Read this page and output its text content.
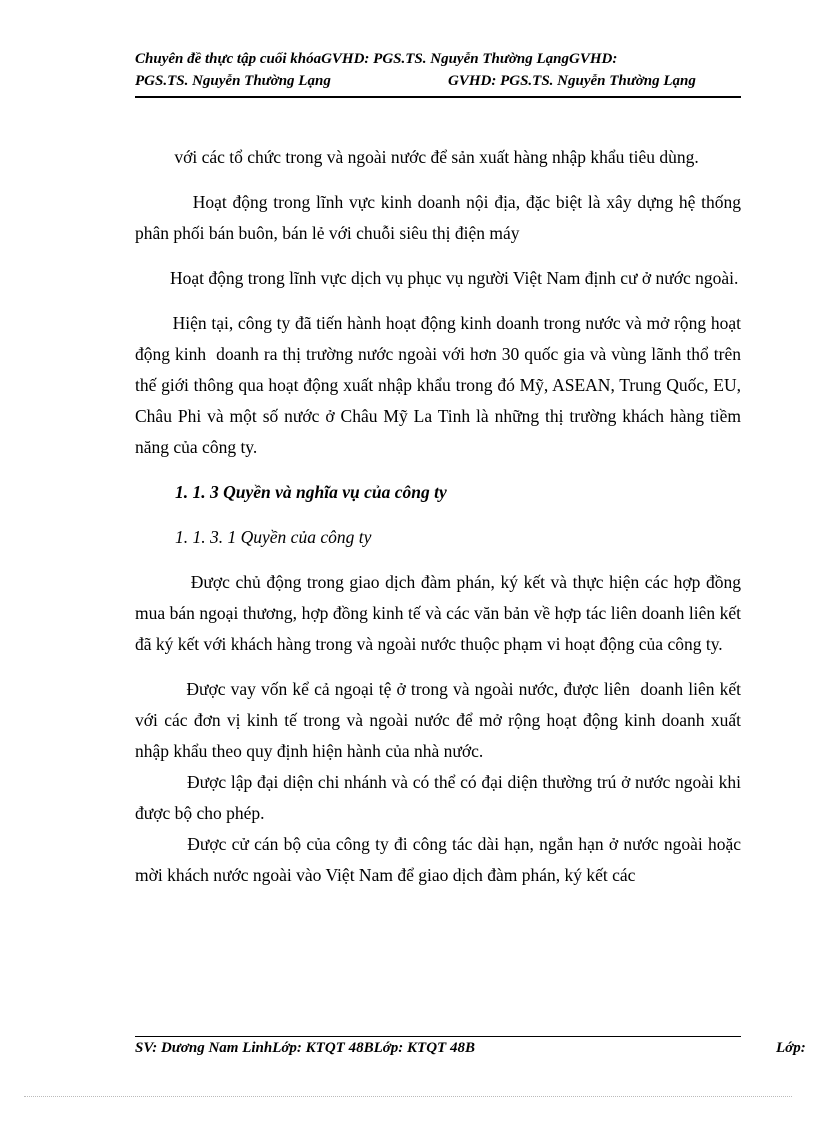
Chuyên đề thực tập cuối khóaGVHD: PGS.TS. Nguyễn Thường LạngGVHD:
PGS.TS. Nguyễn Thường Lạng	GVHD: PGS.TS. Nguyễn Thường Lạng

với các tổ chức trong và ngoài nước để sản xuất hàng nhập khẩu tiêu dùng.

Hoạt động trong lĩnh vực kinh doanh nội địa, đặc biệt là xây dựng hệ thống phân phối bán buôn, bán lẻ với chuỗi siêu thị điện máy

Hoạt động trong lĩnh vực dịch vụ phục vụ người Việt Nam định cư ở nước ngoài.

Hiện tại, công ty đã tiến hành hoạt động kinh doanh trong nước và mở rộng hoạt động kinh  doanh ra thị trường nước ngoài với hơn 30 quốc gia và vùng lãnh thổ trên thế giới thông qua hoạt động xuất nhập khẩu trong đó Mỹ, ASEAN, Trung Quốc, EU, Châu Phi và một số nước ở Châu Mỹ La Tinh là những thị trường khách hàng tiềm năng của công ty.

1. 1. 3 Quyền và nghĩa vụ của công ty
1. 1. 3. 1 Quyền của công ty

Được chủ động trong giao dịch đàm phán, ký kết và thực hiện các hợp đồng mua bán ngoại thương, hợp đồng kinh tế và các văn bản về hợp tác liên doanh liên kết đã ký kết với khách hàng trong và ngoài nước thuộc phạm vi hoạt động của công ty.

Được vay vốn kể cả ngoại tệ ở trong và ngoài nước, được liên  doanh liên kết với các đơn vị kinh tế trong và ngoài nước để mở rộng hoạt động kinh doanh xuất nhập khẩu theo quy định hiện hành của nhà nước.

Được lập đại diện chi nhánh và có thể có đại diện thường trú ở nước ngoài khi  được bộ cho phép.

Được cử cán bộ của công ty đi công tác dài hạn, ngắn hạn ở nước ngoài hoặc mời khách nước ngoài vào Việt Nam để giao dịch đàm phán, ký kết các

SV: Dương Nam LinhLớp: KTQT 48BLớp: KTQT 48B	Lớp:
